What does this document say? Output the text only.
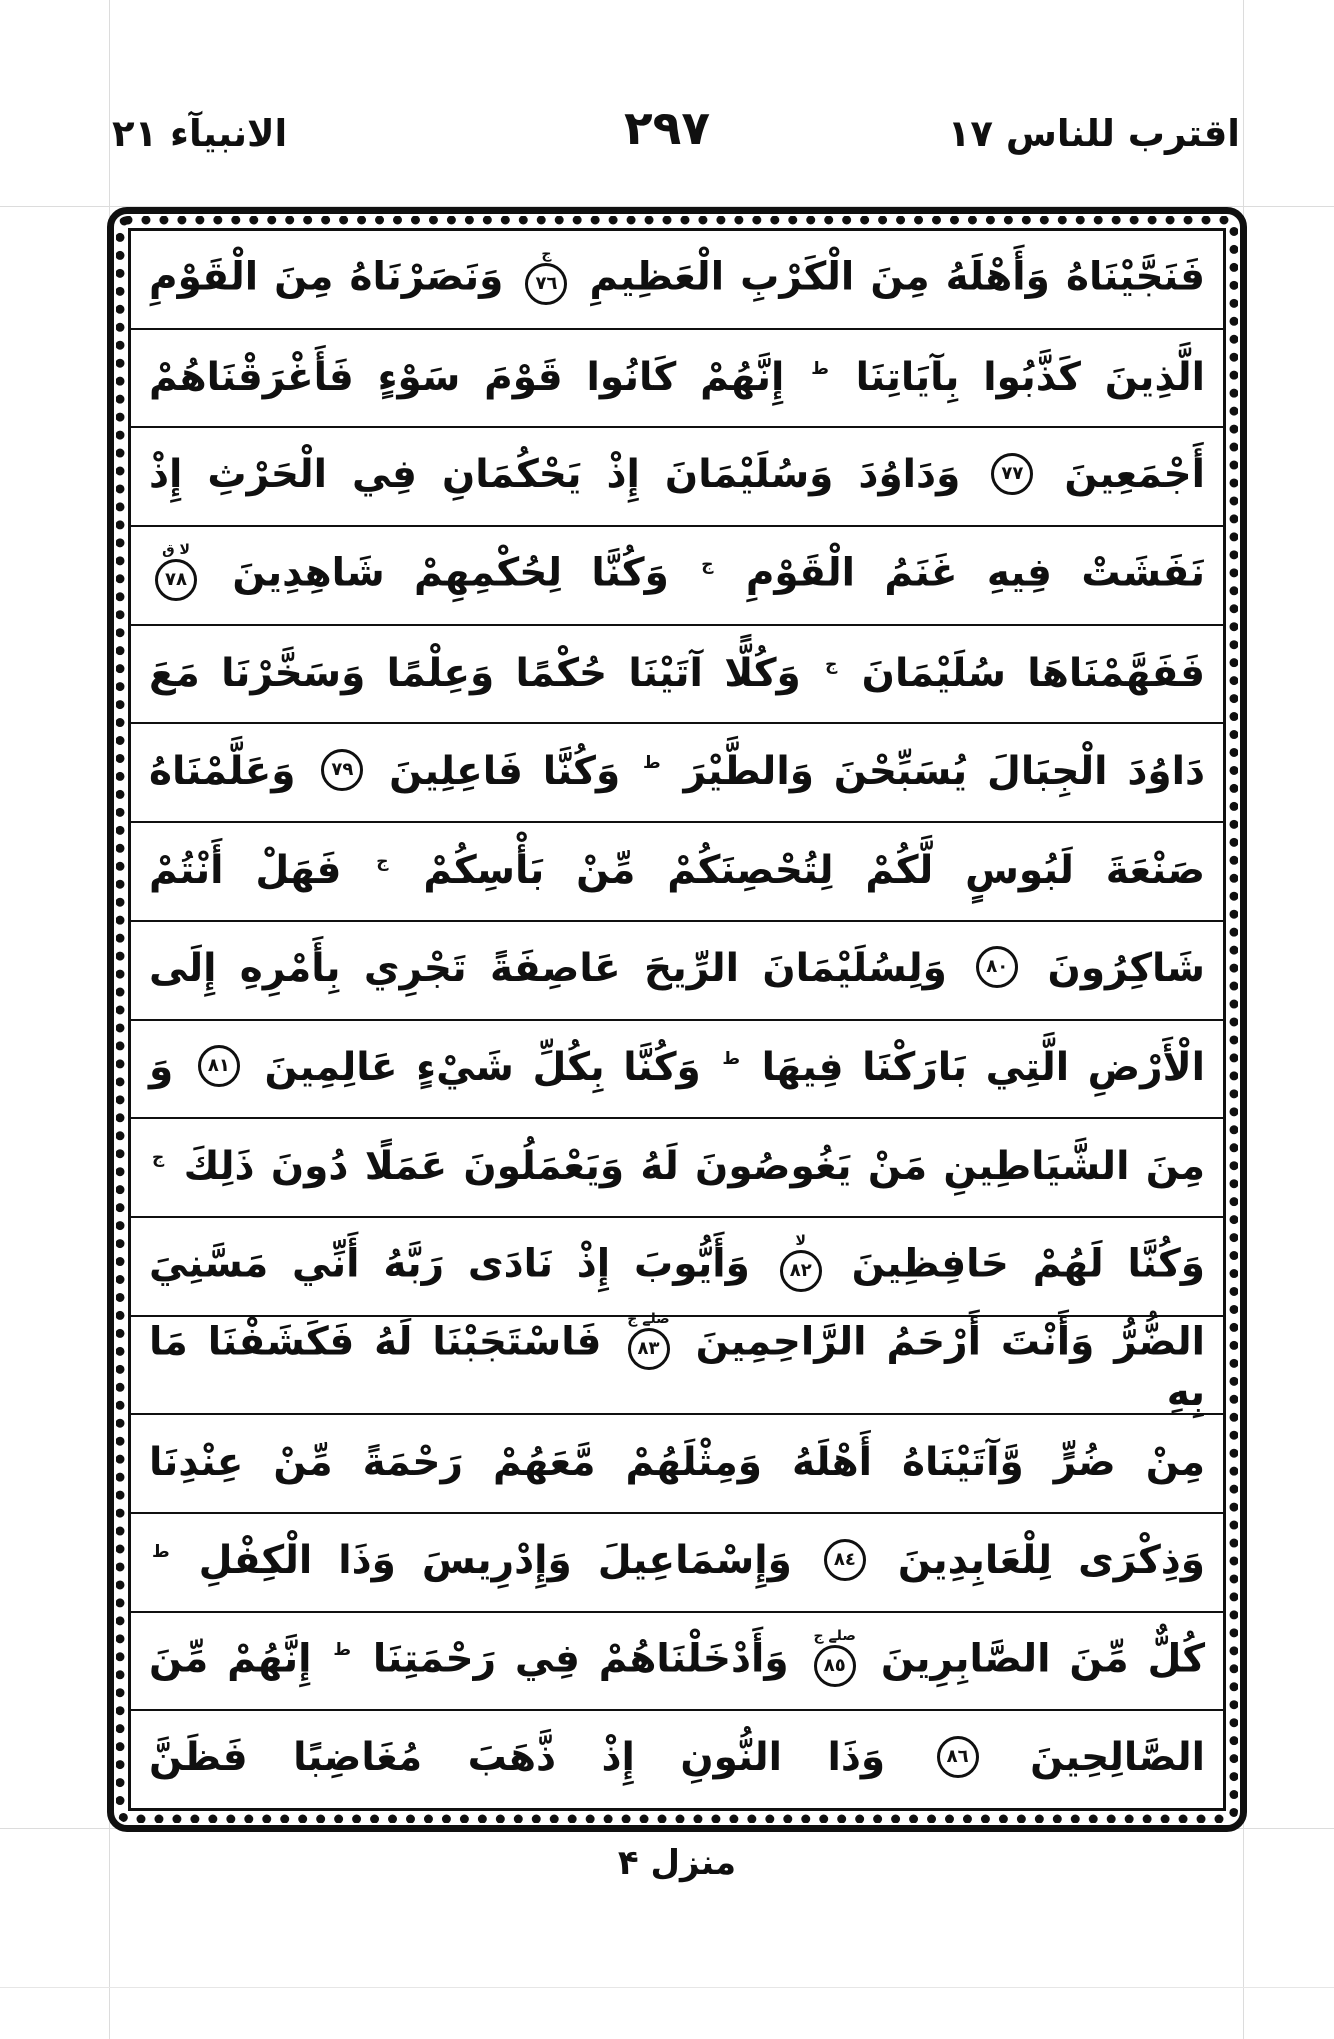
الانبيآء ٢١	٢٩٧	اقترب للناس ١٧
فَنَجَّيْنَاهُ وَأَهْلَهُ مِنَ الْكَرْبِ الْعَظِيمِ
ج
٧٦
وَنَصَرْنَاهُ مِنَ الْقَوْمِ
الَّذِينَ كَذَّبُوا بِآيَاتِنَا ط إِنَّهُمْ كَانُوا قَوْمَ سَوْءٍ فَأَغْرَقْنَاهُمْ
أَجْمَعِينَ
٧٧
وَدَاوُدَ وَسُلَيْمَانَ إِذْ يَحْكُمَانِ فِي الْحَرْثِ إِذْ
نَفَشَتْ فِيهِ غَنَمُ الْقَوْمِ ج وَكُنَّا لِحُكْمِهِمْ شَاهِدِينَ
لا ق
٧٨
فَفَهَّمْنَاهَا سُلَيْمَانَ ج وَكُلًّا آتَيْنَا حُكْمًا وَعِلْمًا وَسَخَّرْنَا مَعَ
دَاوُدَ الْجِبَالَ يُسَبِّحْنَ وَالطَّيْرَ ط وَكُنَّا فَاعِلِينَ
٧٩
وَعَلَّمْنَاهُ
صَنْعَةَ لَبُوسٍ لَّكُمْ لِتُحْصِنَكُمْ مِّنْ بَأْسِكُمْ ج فَهَلْ أَنْتُمْ
شَاكِرُونَ
٨٠
وَلِسُلَيْمَانَ الرِّيحَ عَاصِفَةً تَجْرِي بِأَمْرِهِ إِلَى
الْأَرْضِ الَّتِي بَارَكْنَا فِيهَا ط وَكُنَّا بِكُلِّ شَيْءٍ عَالِمِينَ
٨١
وَ
مِنَ الشَّيَاطِينِ مَنْ يَغُوصُونَ لَهُ وَيَعْمَلُونَ عَمَلًا دُونَ ذَلِكَ ج
وَكُنَّا لَهُمْ حَافِظِينَ
لا
٨٢
وَأَيُّوبَ إِذْ نَادَى رَبَّهُ أَنِّي مَسَّنِيَ
الضُّرُّ وَأَنْتَ أَرْحَمُ الرَّاحِمِينَ
صلے ج
٨٣
فَاسْتَجَبْنَا لَهُ فَكَشَفْنَا مَا بِهِ
مِنْ ضُرٍّ وَّآتَيْنَاهُ أَهْلَهُ وَمِثْلَهُمْ مَّعَهُمْ رَحْمَةً مِّنْ عِنْدِنَا
وَذِكْرَى لِلْعَابِدِينَ
٨٤
وَإِسْمَاعِيلَ وَإِدْرِيسَ وَذَا الْكِفْلِ ط
كُلٌّ مِّنَ الصَّابِرِينَ
صلے ج
٨٥
وَأَدْخَلْنَاهُمْ فِي رَحْمَتِنَا ط إِنَّهُمْ مِّنَ
الصَّالِحِينَ
٨٦
وَذَا النُّونِ إِذْ ذَّهَبَ مُغَاضِبًا فَظَنَّ
منزل ۴
